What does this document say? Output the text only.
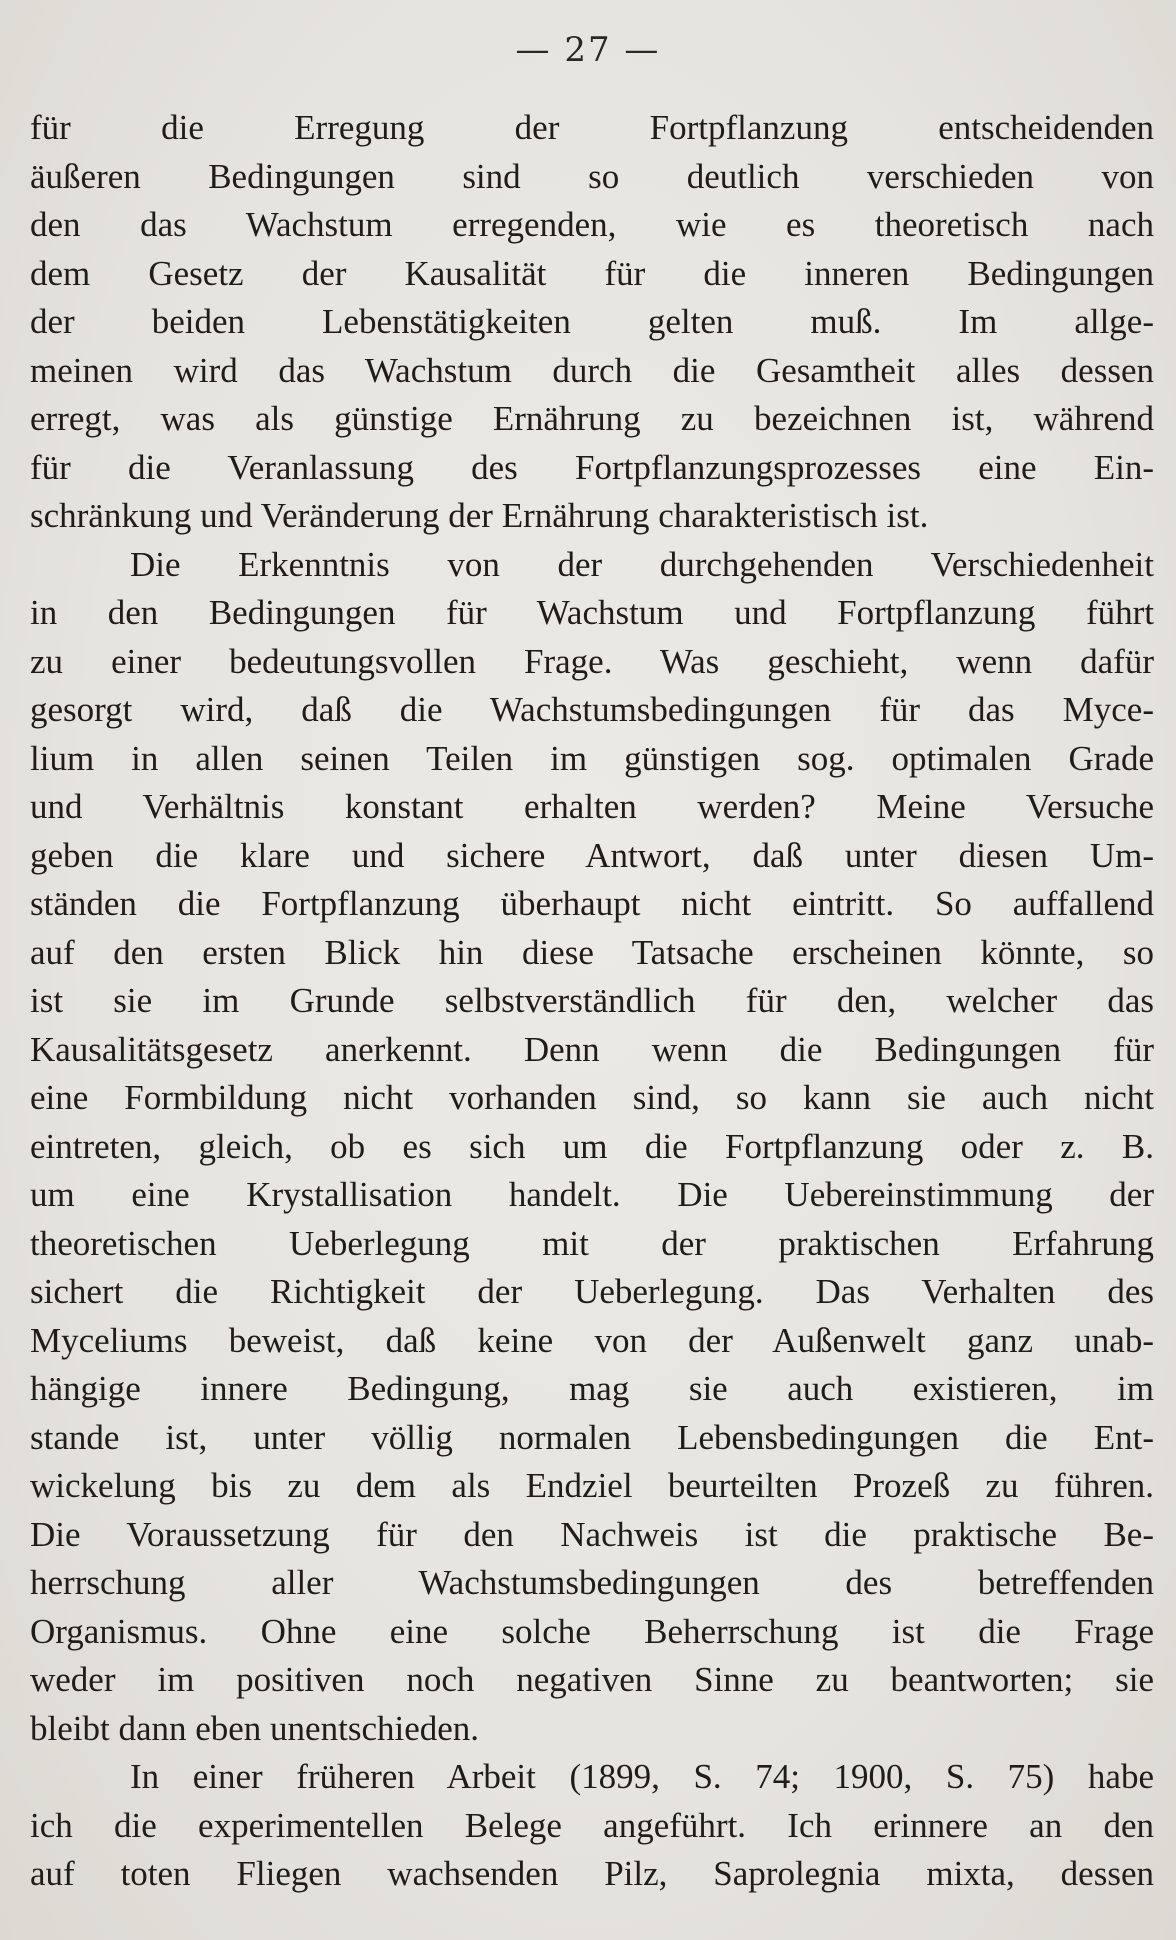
— 27 —
für die Erregung der Fortpflanzung entscheidenden
äußeren Bedingungen sind so deutlich verschieden von
den das Wachstum erregenden, wie es theoretisch nach
dem Gesetz der Kausalität für die inneren Bedingungen
der beiden Lebenstätigkeiten gelten muß. Im allge-
meinen wird das Wachstum durch die Gesamtheit alles dessen
erregt, was als günstige Ernährung zu bezeichnen ist, während
für die Veranlassung des Fortpflanzungsprozesses eine Ein-
schränkung und Veränderung der Ernährung charakteristisch ist.
Die Erkenntnis von der durchgehenden Verschiedenheit
in den Bedingungen für Wachstum und Fortpflanzung führt
zu einer bedeutungsvollen Frage. Was geschieht, wenn dafür
gesorgt wird, daß die Wachstumsbedingungen für das Myce-
lium in allen seinen Teilen im günstigen sog. optimalen Grade
und Verhältnis konstant erhalten werden? Meine Versuche
geben die klare und sichere Antwort, daß unter diesen Um-
ständen die Fortpflanzung überhaupt nicht eintritt. So auffallend
auf den ersten Blick hin diese Tatsache erscheinen könnte, so
ist sie im Grunde selbstverständlich für den, welcher das
Kausalitätsgesetz anerkennt. Denn wenn die Bedingungen für
eine Formbildung nicht vorhanden sind, so kann sie auch nicht
eintreten, gleich, ob es sich um die Fortpflanzung oder z. B.
um eine Krystallisation handelt. Die Uebereinstimmung der
theoretischen Ueberlegung mit der praktischen Erfahrung
sichert die Richtigkeit der Ueberlegung. Das Verhalten des
Myceliums beweist, daß keine von der Außenwelt ganz unab-
hängige innere Bedingung, mag sie auch existieren, im
stande ist, unter völlig normalen Lebensbedingungen die Ent-
wickelung bis zu dem als Endziel beurteilten Prozeß zu führen.
Die Voraussetzung für den Nachweis ist die praktische Be-
herrschung aller Wachstumsbedingungen des betreffenden
Organismus. Ohne eine solche Beherrschung ist die Frage
weder im positiven noch negativen Sinne zu beantworten; sie
bleibt dann eben unentschieden.
In einer früheren Arbeit (1899, S. 74; 1900, S. 75) habe
ich die experimentellen Belege angeführt. Ich erinnere an den
auf toten Fliegen wachsenden Pilz, Saprolegnia mixta, dessen
